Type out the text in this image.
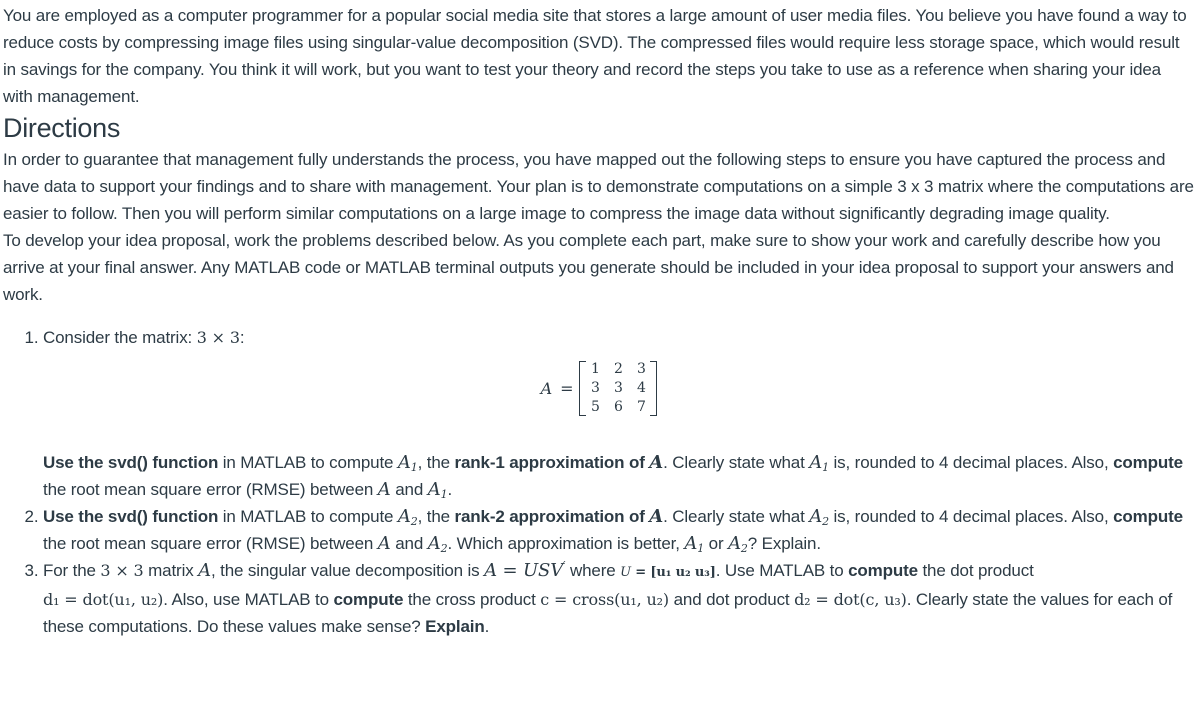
You are employed as a computer programmer for a popular social media site that stores a large amount of user media files. You believe you have found a way to reduce costs by compressing image files using singular-value decomposition (SVD). The compressed files would require less storage space, which would result in savings for the company. You think it will work, but you want to test your theory and record the steps you take to use as a reference when sharing your idea with management.

Directions

In order to guarantee that management fully understands the process, you have mapped out the following steps to ensure you have captured the process and have data to support your findings and to share with management. Your plan is to demonstrate computations on a simple 3 x 3 matrix where the computations are easier to follow. Then you will perform similar computations on a large image to compress the image data without significantly degrading image quality.

To develop your idea proposal, work the problems described below. As you complete each part, make sure to show your work and carefully describe how you arrive at your final answer. Any MATLAB code or MATLAB terminal outputs you generate should be included in your idea proposal to support your answers and work.

1. Consider the matrix: 3 × 3:
A =
1	2	3
3	3	4
5	6	7
Use the svd() function in MATLAB to compute $A_1$, the rank-1 approximation of A. Clearly state what $A_1$ is, rounded to 4 decimal places. Also, compute the root mean square error (RMSE) between A and $A_1$.
2. Use the svd() function in MATLAB to compute $A_2$, the rank-2 approximation of A. Clearly state what $A_2$ is, rounded to 4 decimal places. Also, compute the root mean square error (RMSE) between A and $A_2$. Which approximation is better, $A_1$ or $A_2$? Explain.
3. For the 3 × 3 matrix A, the singular value decomposition is A = USV′ where U = [u₁ u₂ u₃]. Use MATLAB to compute the dot product
d₁ = dot(u₁, u₂). Also, use MATLAB to compute the cross product c = cross(u₁, u₂) and dot product d₂ = dot(c, u₃). Clearly state the values for each of these computations. Do these values make sense? Explain.
